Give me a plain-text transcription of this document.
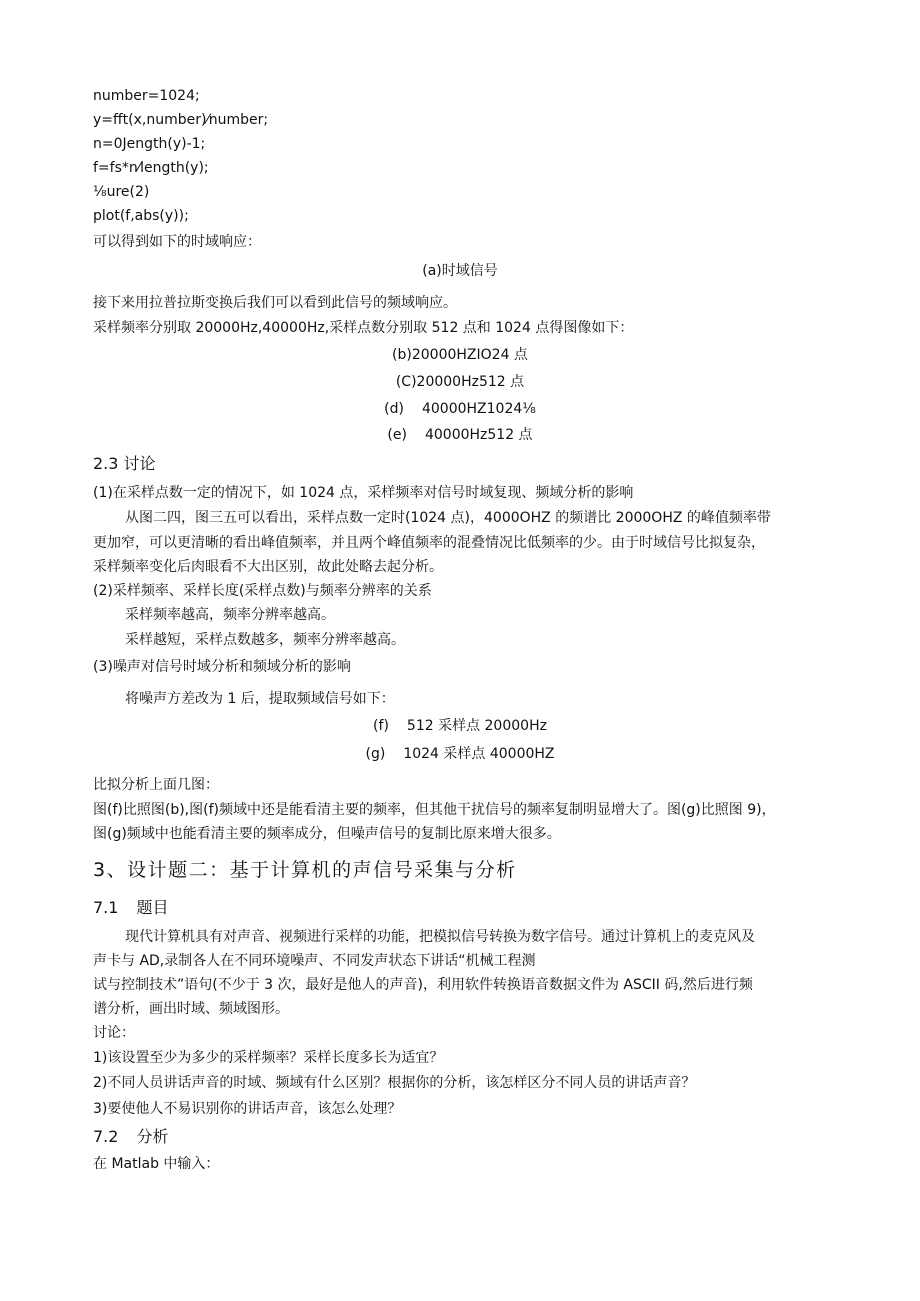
number=1024;
y=fft(x,number)⁄number;
n=0Jength(y)-1;
f=fs*n⁄length(y);
⅛ure(2)
plot(f,abs(y));
可以得到如下的时域响应：
(a)时域信号
接下来用拉普拉斯变换后我们可以看到此信号的频域响应。
采样频率分别取 20000Hz,40000Hz,采样点数分别取 512 点和 1024 点得图像如下：
(b)20000HZIO24 点
(C)20000Hz512 点
(d) 40000HZ1024⅛
(e) 40000Hz512 点
2.3 讨论
(1)在采样点数一定的情况下，如 1024 点，采样频率对信号时域复现、频域分析的影响
从图二四，图三五可以看出，采样点数一定时(1024 点)，4000OHZ 的频谱比 2000OHZ 的峰值频率带
更加窄，可以更清晰的看出峰值频率，并且两个峰值频率的混叠情况比低频率的少。由于时域信号比拟复杂，
采样频率变化后肉眼看不大出区别，故此处略去起分析。
(2)采样频率、采样长度(采样点数)与频率分辨率的关系
采样频率越高，频率分辨率越高。
采样越短，采样点数越多，频率分辨率越高。
(3)噪声对信号时域分析和频域分析的影响
将噪声方差改为 1 后，提取频域信号如下：
(f) 512 采样点 20000Hz
(g) 1024 采样点 40000HZ
比拟分析上面几图：
图(f)比照图(b),图(f)频域中还是能看清主要的频率，但其他干扰信号的频率复制明显增大了。图(g)比照图 9)，
图(g)频域中也能看清主要的频率成分，但噪声信号的复制比原来增大很多。
3、设计题二：基于计算机的声信号采集与分析
7.1 题目
现代计算机具有对声音、视频进行采样的功能，把模拟信号转换为数字信号。通过计算机上的麦克风及
声卡与 AD,录制各人在不同环境噪声、不同发声状态下讲话“机械工程测
试与控制技术”语句(不少于 3 次，最好是他人的声音)，利用软件转换语音数据文件为 ASCII 码,然后进行频
谱分析，画出时域、频域图形。
讨论：
1)该设置至少为多少的采样频率？采样长度多长为适宜？
2)不同人员讲话声音的时域、频域有什么区别？根据你的分析，该怎样区分不同人员的讲话声音？
3)要使他人不易识别你的讲话声音，该怎么处理？
7.2 分析
在 Matlab 中输入：
